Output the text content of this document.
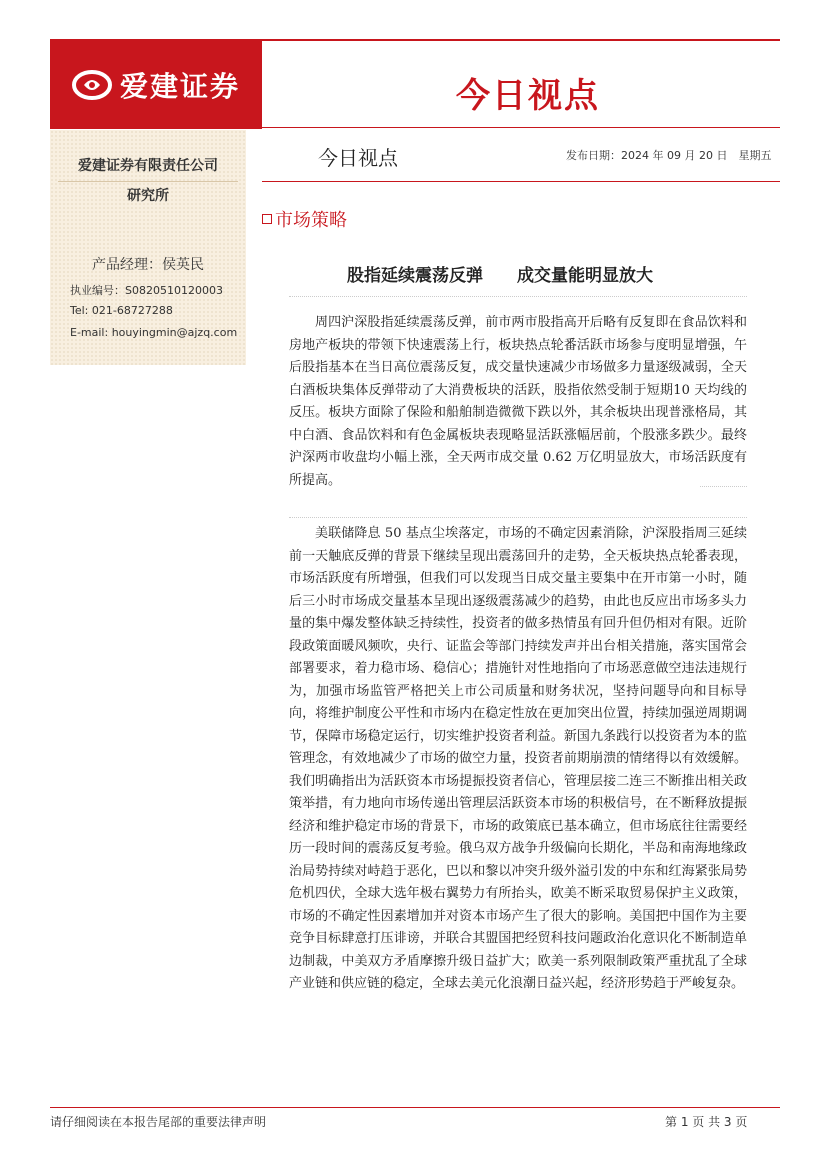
爱建证券	今日视点
爱建证券有限责任公司
研究所
产品经理：侯英民
执业编号：S0820510120003
Tel: 021-68727288
E-mail: houyingmin@ajzq.com
今日视点	发布日期：2024 年 09 月 20 日　星期五
市场策略
股指延续震荡反弹 成交量能明显放大
周四沪深股指延续震荡反弹，前市两市股指高开后略有反复即在食品饮料和房地产板块的带领下快速震荡上行，板块热点轮番活跃市场参与度明显增强，午后股指基本在当日高位震荡反复，成交量快速减少市场做多力量逐级减弱，全天白酒板块集体反弹带动了大消费板块的活跃，股指依然受制于短期10 天均线的反压。板块方面除了保险和船舶制造微微下跌以外，其余板块出现普涨格局，其中白酒、食品饮料和有色金属板块表现略显活跃涨幅居前，个股涨多跌少。最终沪深两市收盘均小幅上涨，全天两市成交量 0.62 万亿明显放大，市场活跃度有所提高。
美联储降息 50 基点尘埃落定，市场的不确定因素消除，沪深股指周三延续前一天触底反弹的背景下继续呈现出震荡回升的走势，全天板块热点轮番表现，市场活跃度有所增强，但我们可以发现当日成交量主要集中在开市第一小时，随后三小时市场成交量基本呈现出逐级震荡减少的趋势，由此也反应出市场多头力量的集中爆发整体缺乏持续性，投资者的做多热情虽有回升但仍相对有限。近阶段政策面暖风频吹，央行、证监会等部门持续发声并出台相关措施，落实国常会部署要求，着力稳市场、稳信心；措施针对性地指向了市场恶意做空违法违规行为，加强市场监管严格把关上市公司质量和财务状况，坚持问题导向和目标导向，将维护制度公平性和市场内在稳定性放在更加突出位置，持续加强逆周期调节，保障市场稳定运行，切实维护投资者利益。新国九条践行以投资者为本的监管理念，有效地减少了市场的做空力量，投资者前期崩溃的情绪得以有效缓解。我们明确指出为活跃资本市场提振投资者信心，管理层接二连三不断推出相关政策举措，有力地向市场传递出管理层活跃资本市场的积极信号，在不断释放提振经济和维护稳定市场的背景下，市场的政策底已基本确立，但市场底往往需要经历一段时间的震荡反复考验。俄乌双方战争升级偏向长期化，半岛和南海地缘政治局势持续对峙趋于恶化，巴以和黎以冲突升级外溢引发的中东和红海紧张局势危机四伏，全球大选年极右翼势力有所抬头，欧美不断采取贸易保护主义政策，市场的不确定性因素增加并对资本市场产生了很大的影响。美国把中国作为主要竞争目标肆意打压诽谤，并联合其盟国把经贸科技问题政治化意识化不断制造单边制裁，中美双方矛盾摩擦升级日益扩大；欧美一系列限制政策严重扰乱了全球产业链和供应链的稳定，全球去美元化浪潮日益兴起，经济形势趋于严峻复杂。
请仔细阅读在本报告尾部的重要法律声明	第 1 页 共 3 页
